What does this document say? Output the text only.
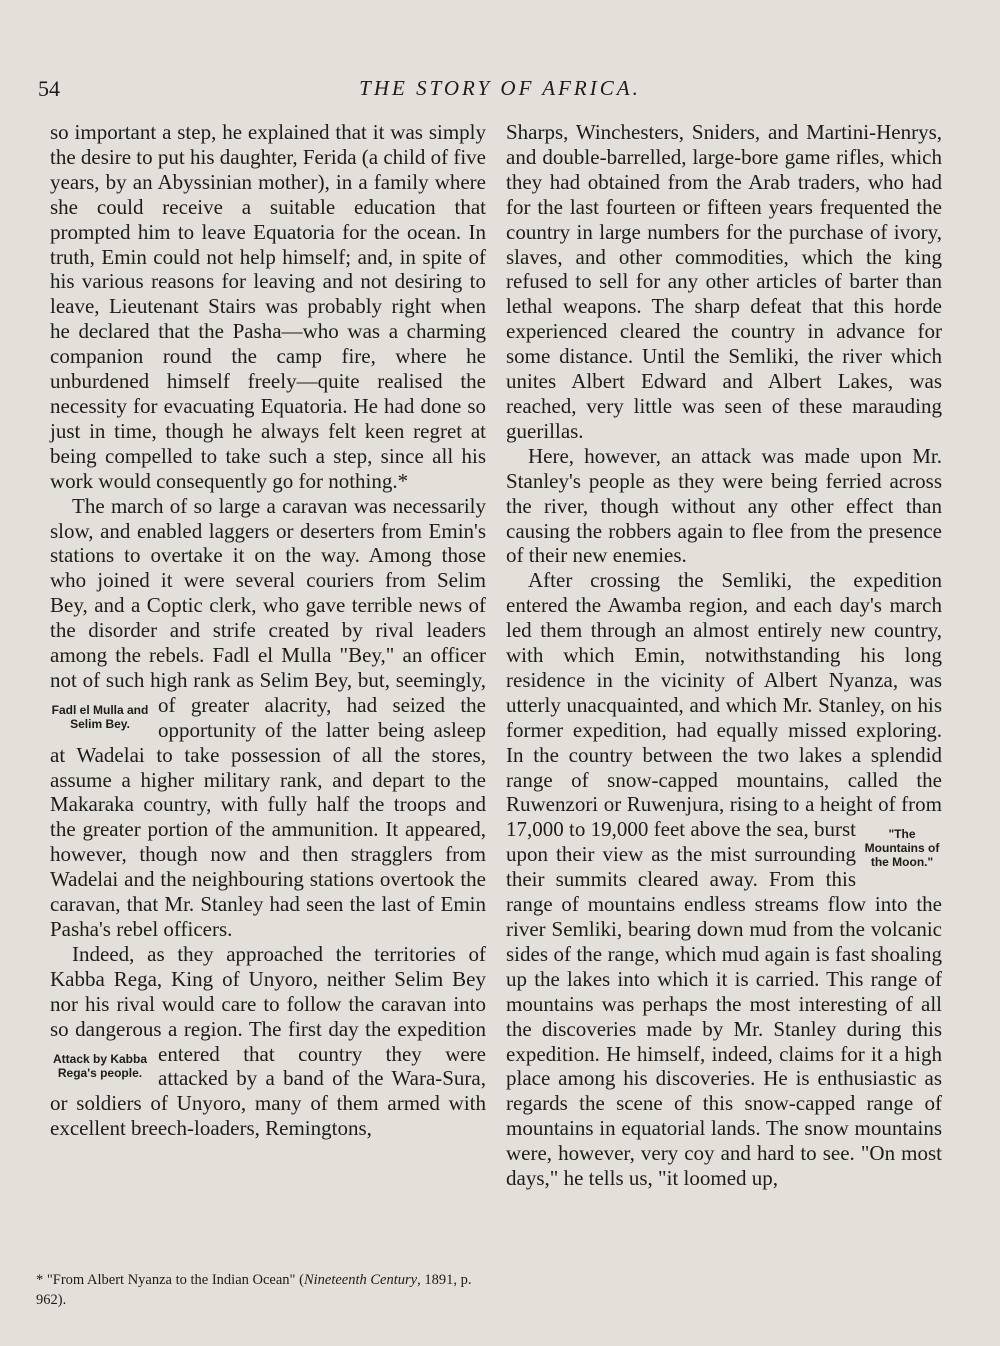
54	THE STORY OF AFRICA.

so important a step, he explained that it was simply the desire to put his daughter, Ferida (a child of five years, by an Abyssinian mother), in a family where she could receive a suitable education that prompted him to leave Equatoria for the ocean. In truth, Emin could not help himself; and, in spite of his various reasons for leaving and not desiring to leave, Lieutenant Stairs was probably right when he declared that the Pasha—who was a charming companion round the camp fire, where he unburdened himself freely—quite realised the necessity for evacuating Equatoria. He had done so just in time, though he always felt keen regret at being compelled to take such a step, since all his work would consequently go for nothing.*

The march of so large a caravan was necessarily slow, and enabled laggers or deserters from Emin's stations to overtake it on the way. Among those who joined it were several couriers from Selim Bey, and a Coptic clerk, who gave terrible news of the disorder and strife created by rival leaders among the rebels. Fadl el Mulla "Bey," an officer not of such high rank as Selim Bey, but, seemingly,
Fadl el Mulla and Selim Bey.
of greater alacrity, had seized the opportunity of the latter being asleep at Wadelai to take possession of all the stores, assume a higher military rank, and depart to the Makaraka country, with fully half the troops and the greater portion of the ammunition. It appeared, however, though now and then stragglers from Wadelai and the neighbouring stations overtook the caravan, that Mr. Stanley had seen the last of Emin Pasha's rebel officers.

Indeed, as they approached the territories of Kabba Rega, King of Unyoro, neither Selim Bey nor his rival would care to follow the caravan into so dangerous a region. The first day the expedition entered that country
Attack by Kabba Rega's people.
they were attacked by a band of the Wara-Sura, or soldiers of Unyoro, many of them armed with excellent breech-loaders, Remingtons,

* "From Albert Nyanza to the Indian Ocean" (Nineteenth Century, 1891, p. 962).

Sharps, Winchesters, Sniders, and Martini-Henrys, and double-barrelled, large-bore game rifles, which they had obtained from the Arab traders, who had for the last fourteen or fifteen years frequented the country in large numbers for the purchase of ivory, slaves, and other commodities, which the king refused to sell for any other articles of barter than lethal weapons. The sharp defeat that this horde experienced cleared the country in advance for some distance. Until the Semliki, the river which unites Albert Edward and Albert Lakes, was reached, very little was seen of these marauding guerillas.

Here, however, an attack was made upon Mr. Stanley's people as they were being ferried across the river, though without any other effect than causing the robbers again to flee from the presence of their new enemies.

After crossing the Semliki, the expedition entered the Awamba region, and each day's march led them through an almost entirely new country, with which Emin, notwithstanding his long residence in the vicinity of Albert Nyanza, was utterly unacquainted, and which Mr. Stanley, on his former expedition, had equally missed exploring. In the country between the two lakes a splendid range of snow-capped mountains, called the Ruwenzori or Ruwenjura, rising to a height of from 17,000 to 19,000	"The Mountains of the Moon."
feet above the sea, burst upon their view as the mist surrounding their summits cleared away. From this range of mountains endless streams flow into the river Semliki, bearing down mud from the volcanic sides of the range, which mud again is fast shoaling up the lakes into which it is carried. This range of mountains was perhaps the most interesting of all the discoveries made by Mr. Stanley during this expedition. He himself, indeed, claims for it a high place among his discoveries. He is enthusiastic as regards the scene of this snow-capped range of mountains in equatorial lands. The snow mountains were, however, very coy and hard to see. "On most days," he tells us, "it loomed up,
